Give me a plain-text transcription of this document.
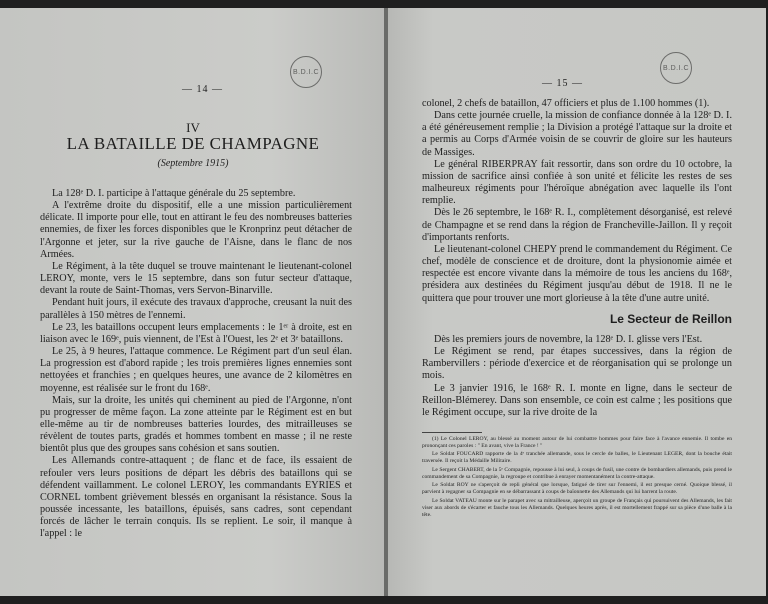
B.D.I.C
— 14 —
IV
LA BATAILLE DE CHAMPAGNE
(Septembre 1915)

La 128ᵉ D. I. participe à l'attaque générale du 25 septembre.

A l'extrême droite du dispositif, elle a une mission particulièrement délicate. Il importe pour elle, tout en attirant le feu des nombreuses batteries ennemies, de fixer les forces disponibles que le Kronprinz peut détacher de l'Argonne et jeter, sur la rive gauche de l'Aisne, dans le flanc de nos Armées.

Le Régiment, à la tête duquel se trouve maintenant le lieutenant-colonel LEROY, monte, vers le 15 septembre, dans son futur secteur d'attaque, devant la route de Saint-Thomas, vers Servon-Binarville.

Pendant huit jours, il exécute des travaux d'approche, creusant la nuit des parallèles à 150 mètres de l'ennemi.

Le 23, les bataillons occupent leurs emplacements : le 1ᵉʳ à droite, est en liaison avec le 169ᵉ, puis viennent, de l'Est à l'Ouest, les 2ᵉ et 3ᵉ bataillons.

Le 25, à 9 heures, l'attaque commence. Le Régiment part d'un seul élan. La progression est d'abord rapide ; les trois premières lignes ennemies sont nettoyées et franchies ; en quelques heures, une avance de 2 kilomètres en moyenne, est réalisée sur le front du 168ᵉ.

Mais, sur la droite, les unités qui cheminent au pied de l'Argonne, n'ont pu progresser de même façon. La zone atteinte par le Régiment est en but elle-même au tir de nombreuses batteries lourdes, des mitrailleuses se révèlent de toutes parts, gradés et hommes tombent en masse ; il ne reste bientôt plus que des groupes sans cohésion et sans soutien.

Les Allemands contre-attaquent ; de flanc et de face, ils essaient de refouler vers leurs positions de départ les débris des bataillons qui se défendent vaillamment. Le colonel LEROY, les commandants EYRIES et CORNEL tombent grièvement blessés en organisant la résistance. Sous la poussée incessante, les bataillons, épuisés, sans cadres, sont cependant forcés de lâcher le terrain conquis. Ils se replient. Le soir, il manque à l'appel : le

B.D.I.C
— 15 —

colonel, 2 chefs de bataillon, 47 officiers et plus de 1.100 hommes (1).

Dans cette journée cruelle, la mission de confiance donnée à la 128ᵉ D. I. a été généreusement remplie ; la Division a protégé l'attaque sur la droite et a permis au Corps d'Armée voisin de se couvrir de gloire sur les hauteurs de Massiges.

Le général RIBERPRAY fait ressortir, dans son ordre du 10 octobre, la mission de sacrifice ainsi confiée à son unité et félicite les restes de ses malheureux régiments pour l'héroïque abnégation avec laquelle ils l'ont remplie.

Dès le 26 septembre, le 168ᵉ R. I., complètement désorganisé, est relevé de Champagne et se rend dans la région de Francheville-Jaillon. Il y reçoit d'importants renforts.

Le lieutenant-colonel CHEPY prend le commandement du Régiment. Ce chef, modèle de conscience et de droiture, dont la physionomie aimée et respectée est encore vivante dans la mémoire de tous les anciens du 168ᵉ, présidera aux destinées du Régiment jusqu'au début de 1918. Il ne le quittera que pour trouver une mort glorieuse à la tête d'une autre unité.

Le Secteur de Reillon

Dès les premiers jours de novembre, la 128ᵉ D. I. glisse vers l'Est.

Le Régiment se rend, par étapes successives, dans la région de Rambervillers : période d'exercice et de réorganisation qui se prolonge un mois.

Le 3 janvier 1916, le 168ᵉ R. I. monte en ligne, dans le secteur de Reillon-Blémerey. Dans son ensemble, ce coin est calme ; les positions que le Régiment occupe, sur la rive droite de la

(1) Le Colonel LEROY, au blessé au moment autour de lui combattre hommes pour faire face à l'avance ennemie. Il tombe en prononçant ces paroles : " En avant, vive la France ! "

Le Soldat FOUCARD rapporte de la 4ᵉ tranchée allemande, sous le cercle de balles, le Lieutenant LEGER, dont la bouche était traversée. Il reçoit la Médaille Militaire.

Le Sergent CHABERT, de la 5ᵉ Compagnie, repousse à lui seul, à coups de fusil, une contre de bombardiers allemands, puis prend le commandement de sa Compagnie, la regroupe et contribue à enrayer momentanément la contre-attaque.

Le Soldat ROY ne s'aperçoit de repli général que lorsque, fatigué de tirer sur l'ennemi, il est presque cerné. Quoique blessé, il parvient à regagner sa Compagnie en se débarrassant à coups de baïonnette des Allemands qui lui barrent la route.

Le Soldat VATEAU monte sur le parapet avec sa mitrailleuse, aperçoit un groupe de Français qui poursuivent des Allemands, les fait viser aux abords de s'écarter et fauche tous les Allemands. Quelques heures après, il est mortellement frappé sur sa pièce d'une balle à la tête.
